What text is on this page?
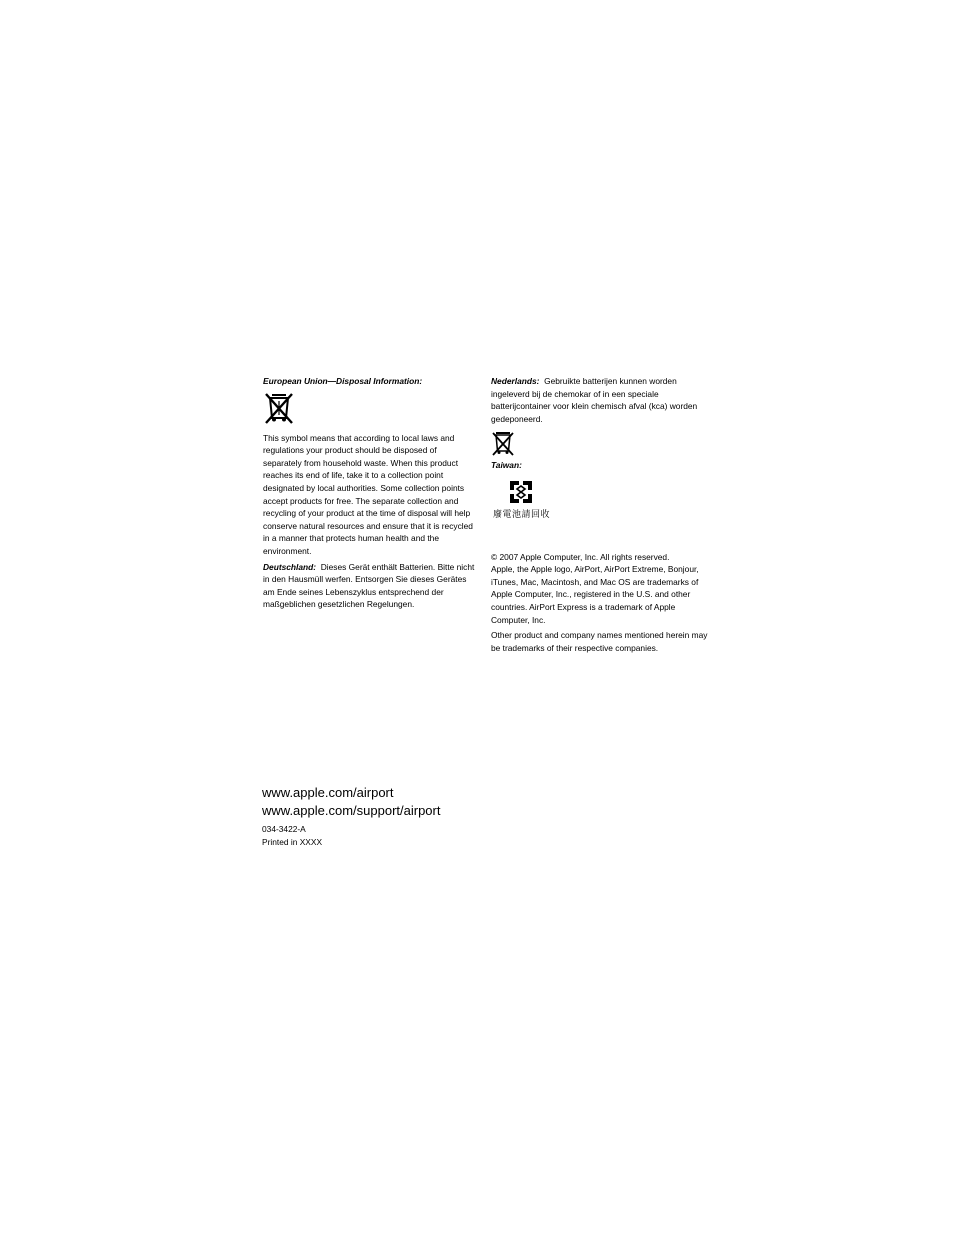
European Union—Disposal Information:

This symbol means that according to local laws and regulations your product should be disposed of separately from household waste. When this product reaches its end of life, take it to a collection point designated by local authorities. Some collection points accept products for free. The separate collection and recycling of your product at the time of disposal will help conserve natural resources and ensure that it is recycled in a manner that protects human health and the environment.

Deutschland: Dieses Gerät enthält Batterien. Bitte nicht in den Hausmüll werfen. Entsorgen Sie dieses Gerätes am Ende seines Lebenszyklus entsprechend der maßgeblichen gesetzlichen Regelungen.

Nederlands: Gebruikte batterijen kunnen worden ingeleverd bij de chemokar of in een speciale batterijcontainer voor klein chemisch afval (kca) worden gedeponeerd.

Taiwan:

廢電池請回收

© 2007 Apple Computer, Inc. All rights reserved.

Apple, the Apple logo, AirPort, AirPort Extreme, Bonjour, iTunes, Mac, Macintosh, and Mac OS are trademarks of Apple Computer, Inc., registered in the U.S. and other countries. AirPort Express is a trademark of Apple Computer, Inc.

Other product and company names mentioned herein may be trademarks of their respective companies.

www.apple.com/airport
www.apple.com/support/airport
034-3422-A
Printed in XXXX
